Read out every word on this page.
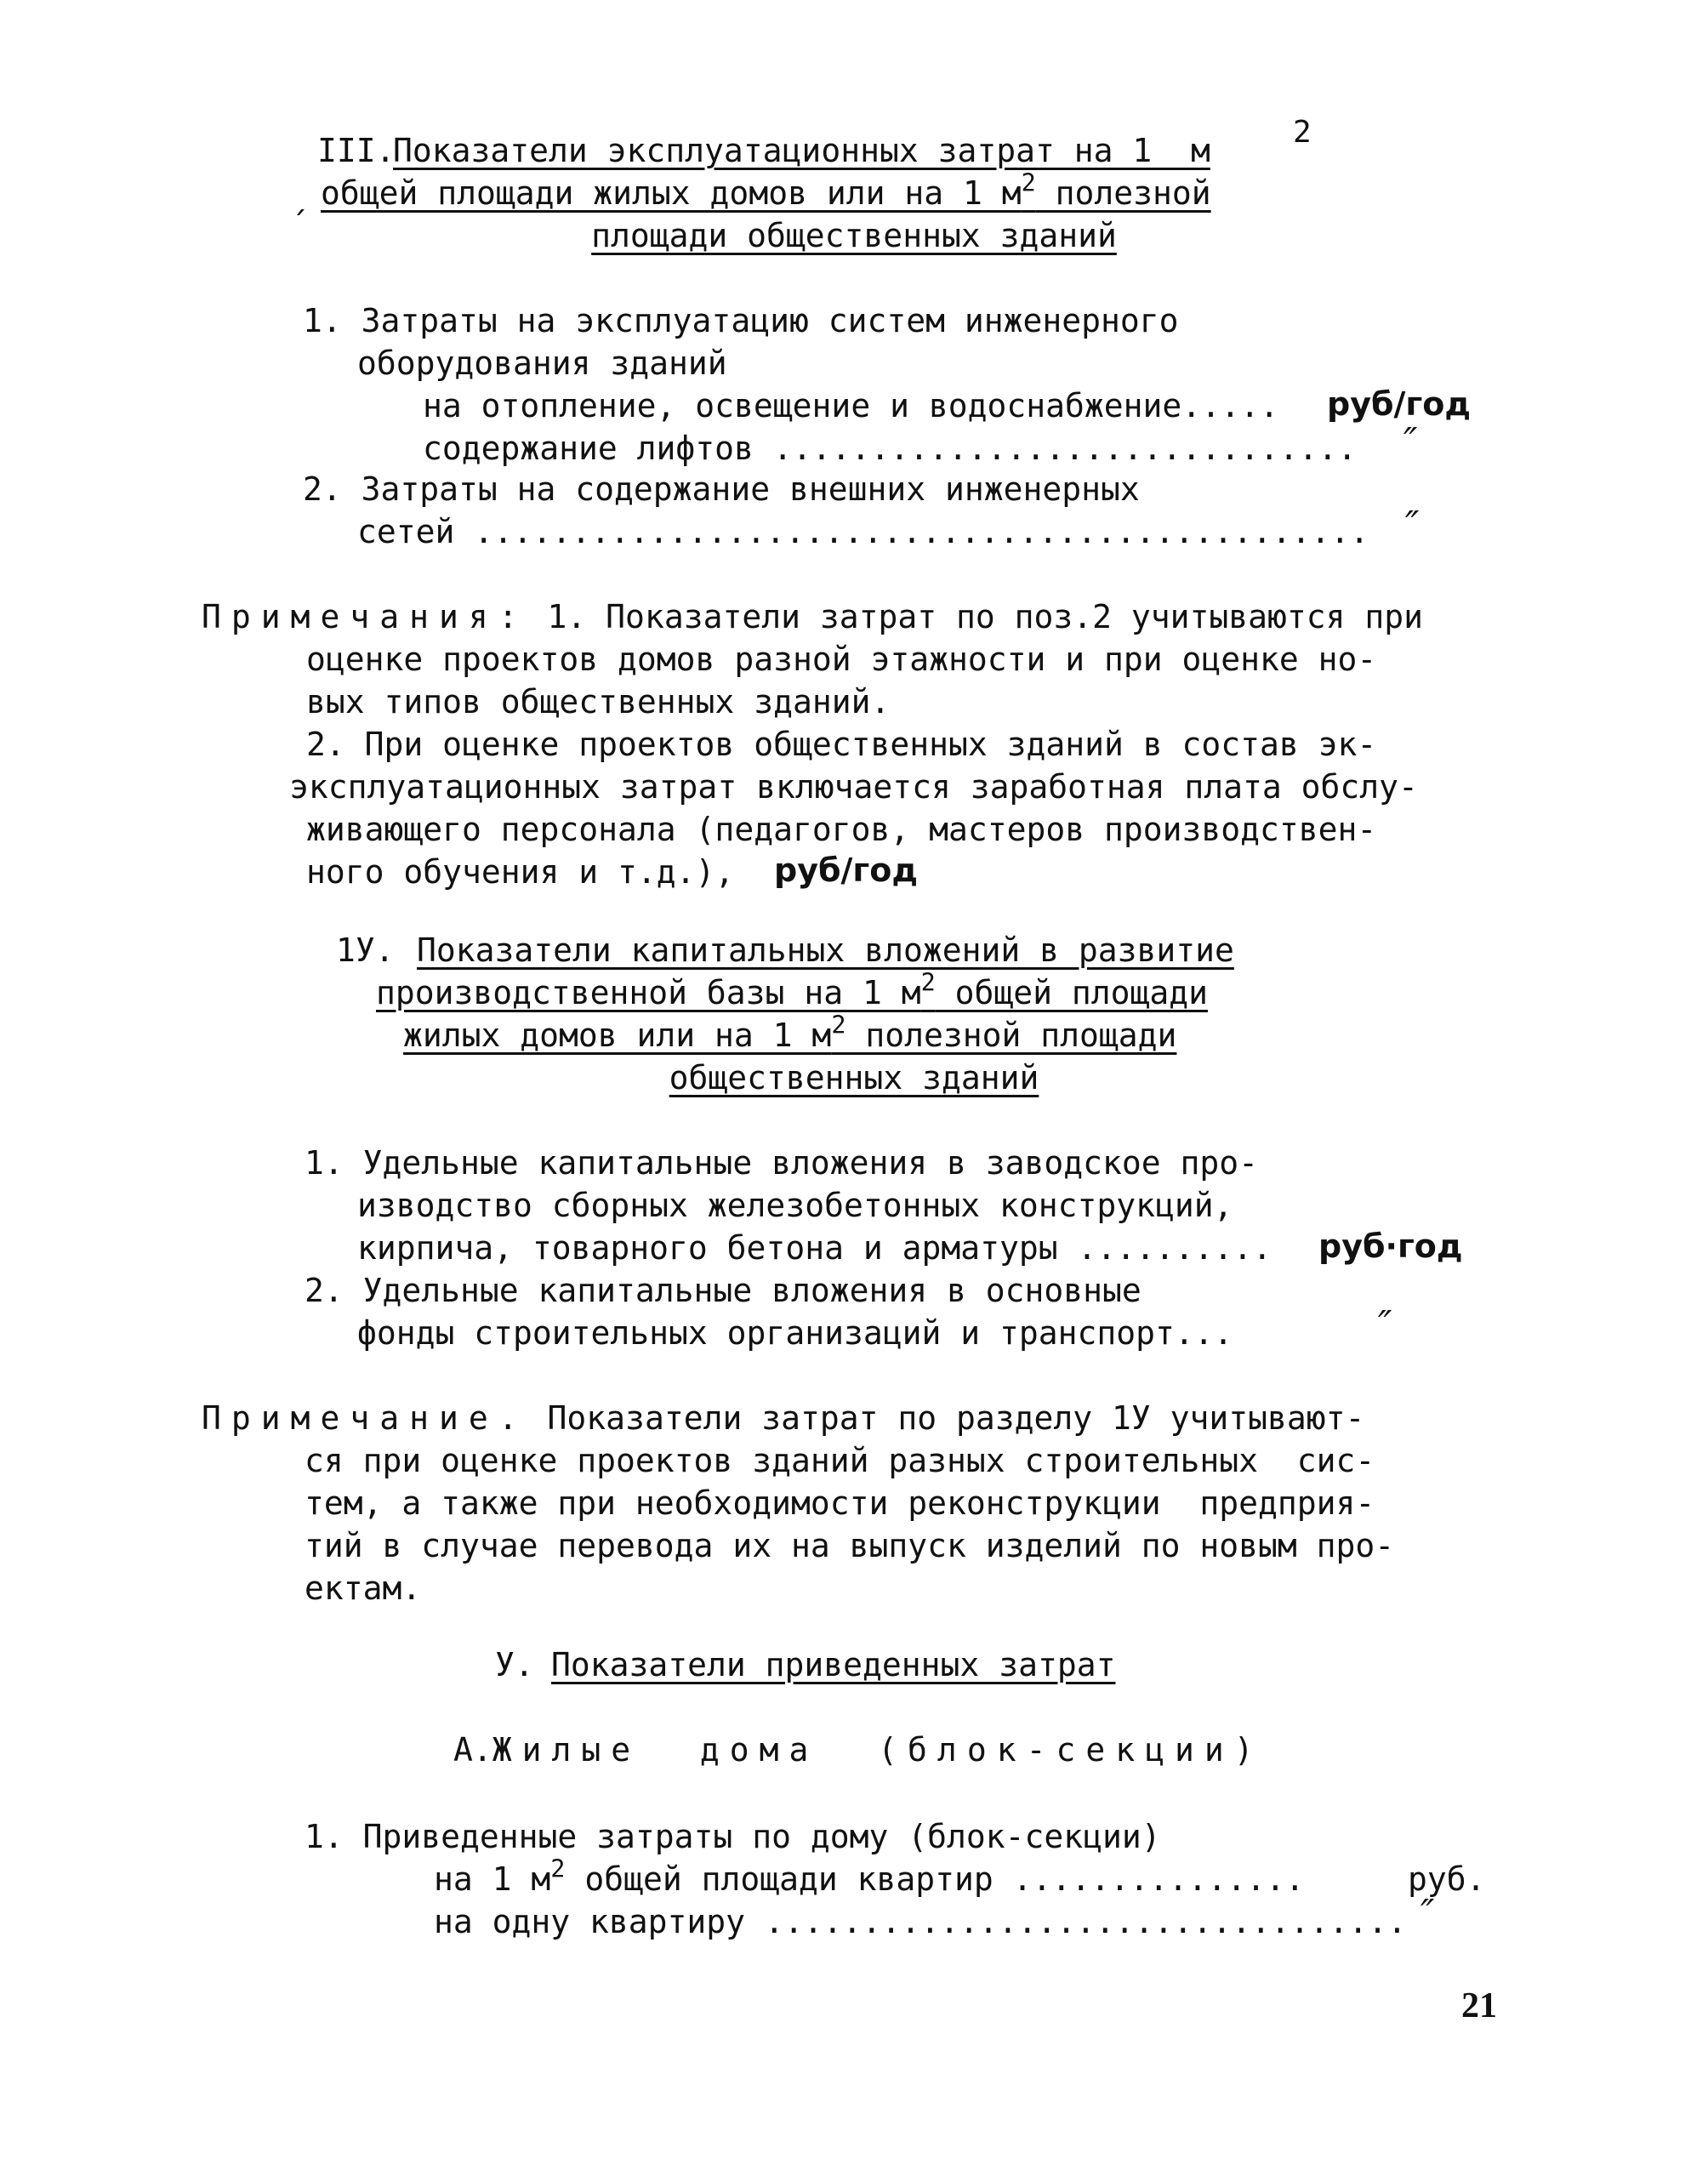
III.
Показатели эксплуатационных затрат на 1  м	2
ˏ общей площади жилых домов или на 1 $м^2$ полезной
площади общественных зданий
1. Затраты на эксплуатацию систем инженерного
оборудования зданий
на отопление, освещение и водоснабжение..... руб/год
содержание лифтов .............................. ″
2. Затраты на содержание внешних инженерных
сетей .............................................. ″
Примечания: 1. Показатели затрат по поз.2 учитываются при
оценке проектов домов разной этажности и при оценке но-
вых типов общественных зданий.
2. При оценке проектов общественных зданий в состав эк-
эксплуатационных затрат включается заработная плата обслу-
живающего персонала (педагогов, мастеров производствен-
ного обучения и т.д.), руб/год
1У. Показатели капитальных вложений в развитие
производственной базы на 1 $м^2$ общей площади
жилых домов или на 1 $м^2$ полезной площади
общественных зданий
1. Удельные капитальные вложения в заводское про-
изводство сборных железобетонных конструкций,
кирпича, товарного бетона и арматуры .......... руб·год
2. Удельные капитальные вложения в основные
фонды строительных организаций и транспорт...	″
Примечание. Показатели затрат по разделу 1У учитывают-
ся при оценке проектов зданий разных строительных  сис-
тем, а также при необходимости реконструкции  предприя-
тий в случае перевода их на выпуск изделий по новым про-
ектам.
У. Показатели приведенных затрат
А.Жилые  дома  (блок-секции)
1. Приведенные затраты по дому (блок-секции)
на 1 $м^2$ общей площади квартир ...............	руб.
на одну квартиру ................................. ″
21
